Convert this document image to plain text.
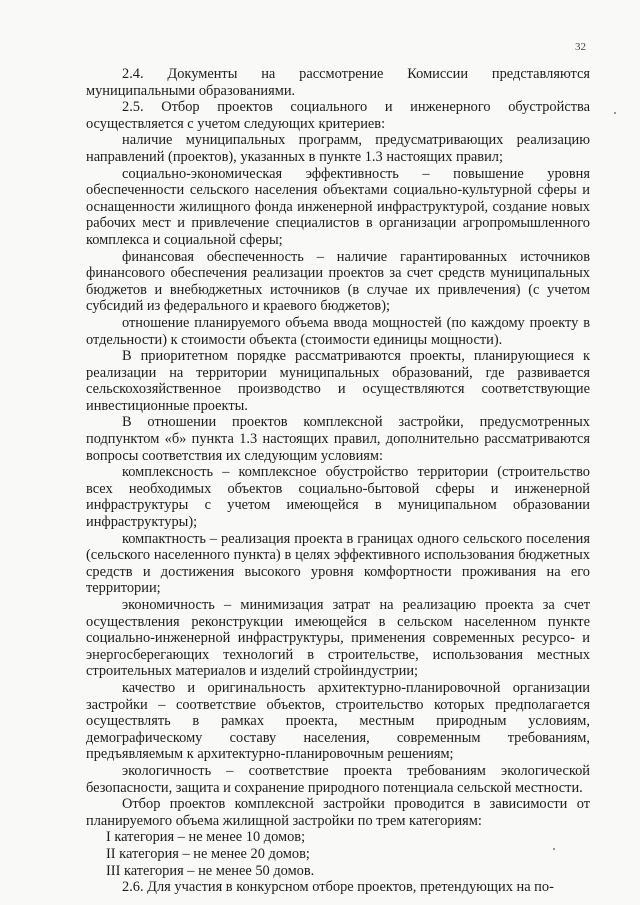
32

2.4. Документы на рассмотрение Комиссии представляются муниципальными образованиями.

2.5. Отбор проектов социального и инженерного обустройства осуществляется с учетом следующих критериев:

наличие муниципальных программ, предусматривающих реализацию направлений (проектов), указанных в пункте 1.3 настоящих правил;

социально-экономическая эффективность – повышение уровня обеспеченности сельского населения объектами социально-культурной сферы и оснащенности жилищного фонда инженерной инфраструктурой, создание новых рабочих мест и привлечение специалистов в организации агропромышленного комплекса и социальной сферы;

финансовая обеспеченность – наличие гарантированных источников финансового обеспечения реализации проектов за счет средств муниципальных бюджетов и внебюджетных источников (в случае их привлечения) (с учетом субсидий из федерального и краевого бюджетов);

отношение планируемого объема ввода мощностей (по каждому проекту в отдельности) к стоимости объекта (стоимости единицы мощности).

В приоритетном порядке рассматриваются проекты, планирующиеся к реализации на территории муниципальных образований, где развивается сельскохозяйственное производство и осуществляются соответствующие инвестиционные проекты.

В отношении проектов комплексной застройки, предусмотренных подпунктом «б» пункта 1.3 настоящих правил, дополнительно рассматриваются вопросы соответствия их следующим условиям:

комплексность – комплексное обустройство территории (строительство всех необходимых объектов социально-бытовой сферы и инженерной инфраструктуры с учетом имеющейся в муниципальном образовании инфраструктуры);

компактность – реализация проекта в границах одного сельского поселения (сельского населенного пункта) в целях эффективного использования бюджетных средств и достижения высокого уровня комфортности проживания на его территории;

экономичность – минимизация затрат на реализацию проекта за счет осуществления реконструкции имеющейся в сельском населенном пункте социально-инженерной инфраструктуры, применения современных ресурсо- и энергосберегающих технологий в строительстве, использования местных строительных материалов и изделий стройиндустрии;

качество и оригинальность архитектурно-планировочной организации застройки – соответствие объектов, строительство которых предполагается осуществлять в рамках проекта, местным природным условиям, демографическому составу населения, современным требованиям, предъявляемым к архитектурно-планировочным решениям;

экологичность – соответствие проекта требованиям экологической безопасности, защита и сохранение природного потенциала сельской местности.

Отбор проектов комплексной застройки проводится в зависимости от планируемого объема жилищной застройки по трем категориям:

I категория – не менее 10 домов;

II категория – не менее 20 домов;

III категория – не менее 50 домов.

2.6. Для участия в конкурсном отборе проектов, претендующих на по-
